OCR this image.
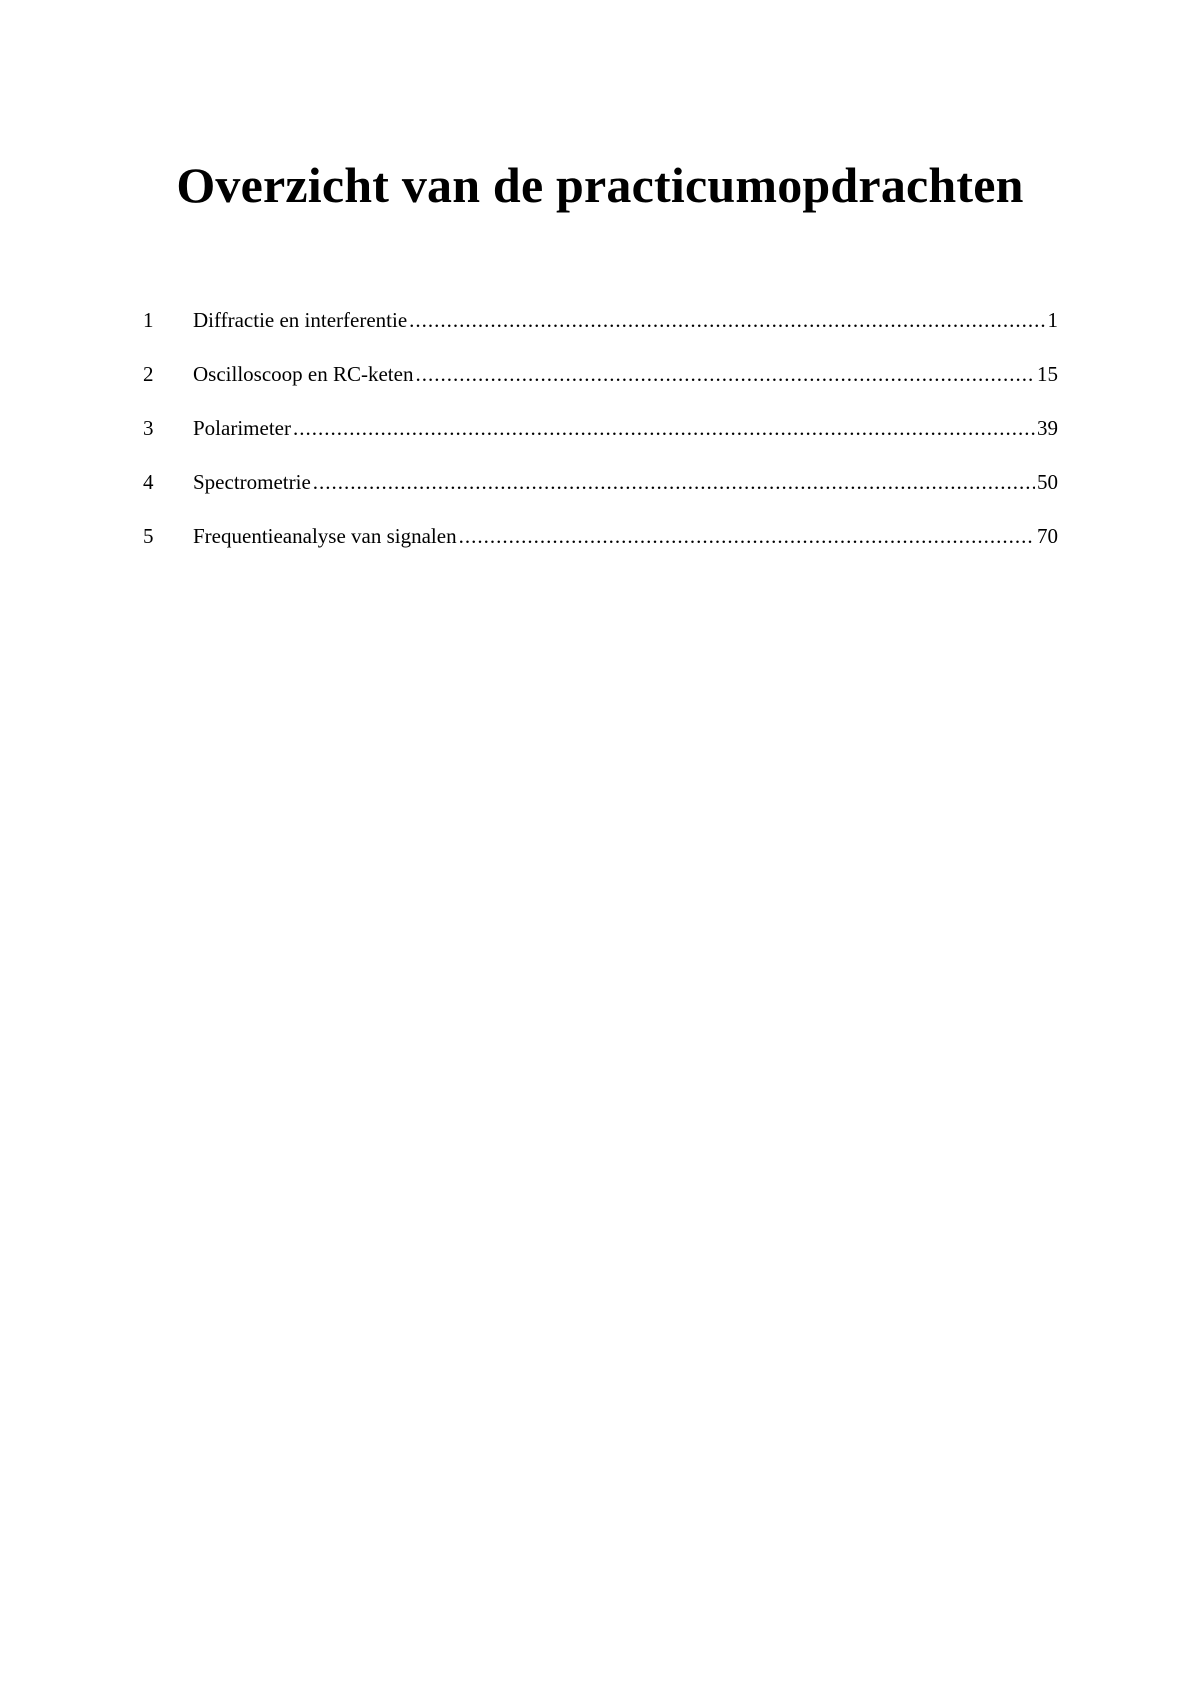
Overzicht van de practicumopdrachten
1	Diffractie en interferentie .....	1
2	Oscilloscoop en RC-keten .....	15
3	Polarimeter .....	39
4	Spectrometrie .....	50
5	Frequentieanalyse van signalen .....	70
